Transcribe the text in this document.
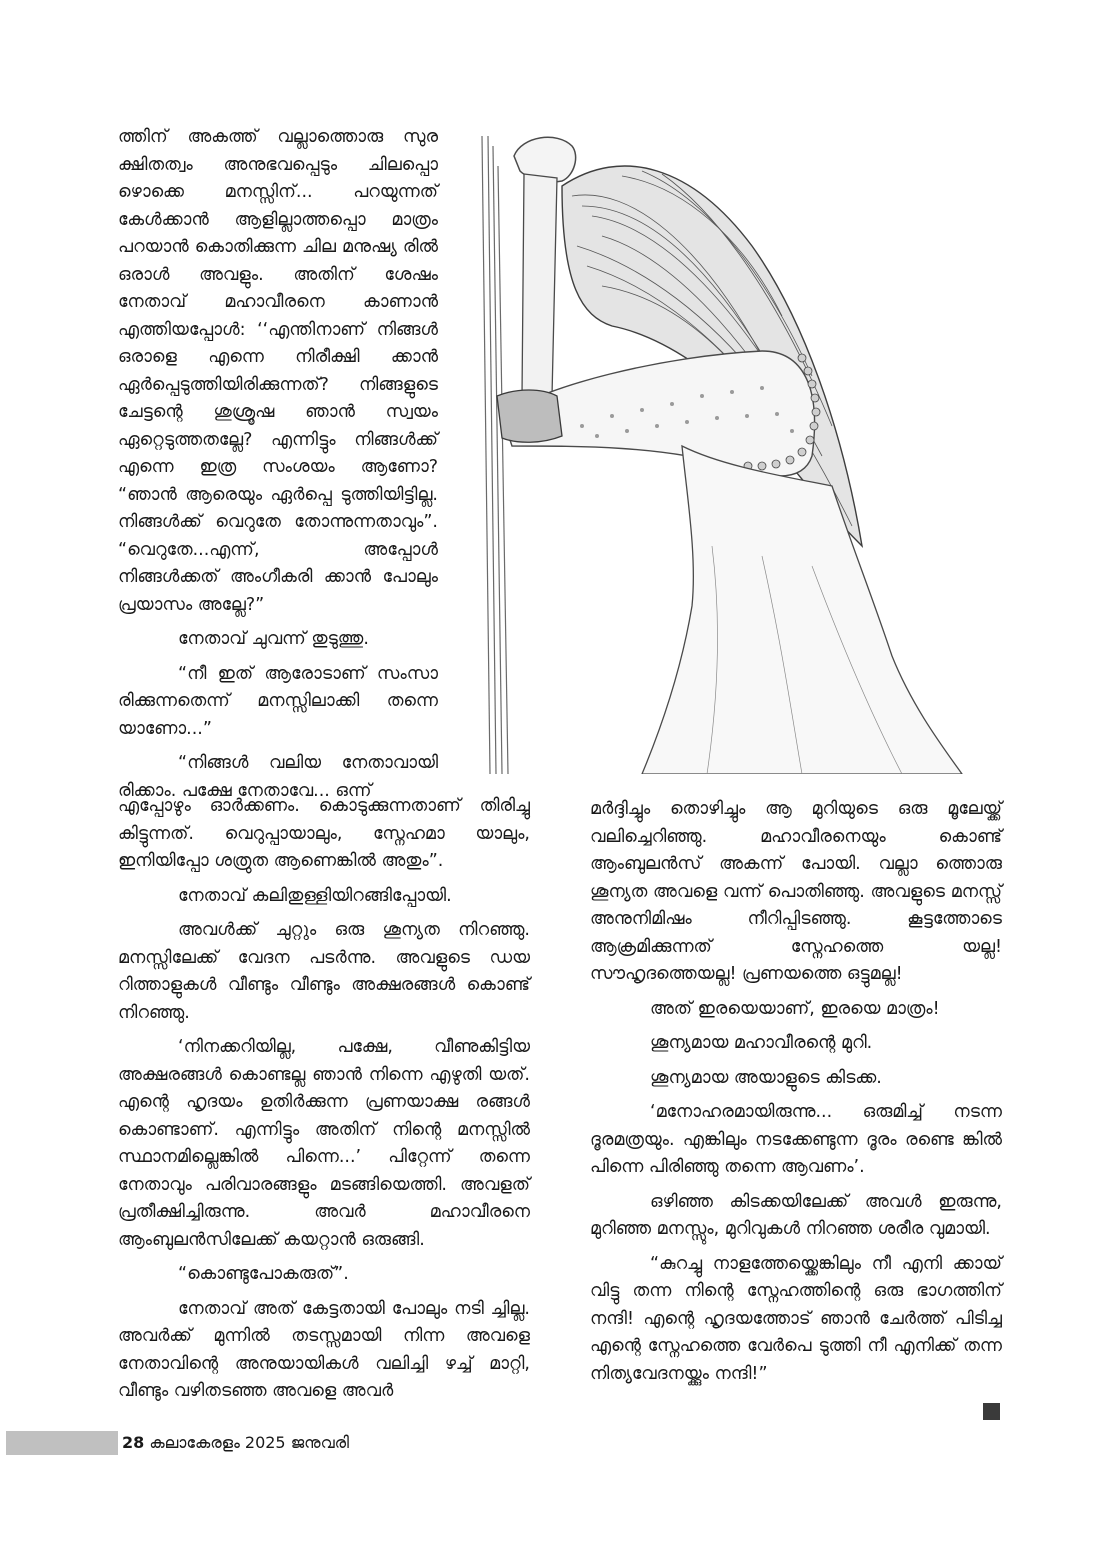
ത്തിന് അകത്ത് വല്ലാത്തൊരു സുര ക്ഷിതത്വം അനുഭവപ്പെടും ചിലപ്പൊ ഴൊക്കെ മനസ്സിന്... പറയുന്നത് കേൾക്കാൻ ആളില്ലാത്തപ്പൊ മാത്രം പറയാൻ കൊതിക്കുന്ന ചില മനുഷ്യ രിൽ ഒരാൾ അവളും. അതിന് ശേഷം നേതാവ് മഹാവീരനെ കാണാൻ എത്തിയപ്പോൾ: ‘‘എന്തിനാണ് നിങ്ങൾ ഒരാളെ എന്നെ നിരീക്ഷി ക്കാൻ ഏർപ്പെടുത്തിയിരിക്കുന്നത്? നിങ്ങളുടെ ചേട്ടന്റെ ശുശ്രൂഷ ഞാൻ സ്വയം ഏറ്റെടുത്തതല്ലേ? എന്നിട്ടും നിങ്ങൾക്ക് എന്നെ ഇത്ര സംശയം ആണോ? “ഞാൻ ആരെയും ഏർപ്പെ ടുത്തിയിട്ടില്ല. നിങ്ങൾക്ക് വെറുതേ തോന്നുന്നതാവും”. “വെറുതേ...എന്ന്, അപ്പോൾ നിങ്ങൾക്കത് അംഗീകരി ക്കാൻ പോലും പ്രയാസം അല്ലേ?”

നേതാവ് ചുവന്ന് തുടുത്തു.

“നീ ഇത് ആരോടാണ് സംസാ രിക്കുന്നതെന്ന് മനസ്സിലാക്കി തന്നെ യാണോ...”

“നിങ്ങൾ വലിയ നേതാവായി രിക്കാം. പക്ഷേ നേതാവേ... ഒന്ന്

എപ്പോഴും ഓർക്കണം. കൊടുക്കുന്നതാണ് തിരിച്ചു കിട്ടുന്നത്. വെറുപ്പായാലും, സ്നേഹമാ യാലും, ഇനിയിപ്പോ ശത്രുത ആണെങ്കിൽ അതും”.

നേതാവ് കലിതുള്ളിയിറങ്ങിപ്പോയി.

അവൾക്ക് ചുറ്റും ഒരു ശൂന്യത നിറഞ്ഞു. മനസ്സിലേക്ക് വേദന പടർന്നു. അവളുടെ ഡയ റിത്താളുകൾ വീണ്ടും വീണ്ടും അക്ഷരങ്ങൾ കൊണ്ട് നിറഞ്ഞു.

‘നിനക്കറിയില്ല, പക്ഷേ, വീണുകിട്ടിയ അക്ഷരങ്ങൾ കൊണ്ടല്ല ഞാൻ നിന്നെ എഴുതി യത്. എന്റെ ഹൃദയം ഉതിർക്കുന്ന പ്രണയാക്ഷ രങ്ങൾ കൊണ്ടാണ്. എന്നിട്ടും അതിന് നിന്റെ മനസ്സിൽ സ്ഥാനമില്ലെങ്കിൽ പിന്നെ...’ പിറ്റേന്ന് തന്നെ നേതാവും പരിവാരങ്ങളും മടങ്ങിയെത്തി. അവളത് പ്രതീക്ഷിച്ചിരുന്നു. അവർ മഹാവീരനെ ആംബുലൻസിലേക്ക് കയറ്റാൻ ഒരുങ്ങി.

“കൊണ്ടുപോകരുത്”.

നേതാവ് അത് കേട്ടതായി പോലും നടി ച്ചില്ല. അവർക്ക് മുന്നിൽ തടസ്സമായി നിന്ന അവളെ നേതാവിന്റെ അനുയായികൾ വലിച്ചി ഴച്ച് മാറ്റി, വീണ്ടും വഴിതടഞ്ഞ അവളെ അവർ

മർദ്ദിച്ചും തൊഴിച്ചും ആ മുറിയുടെ ഒരു മൂലേയ്ക്ക് വലിച്ചെറിഞ്ഞു. മഹാവീരനെയും കൊണ്ട് ആംബുലൻസ് അകന്ന് പോയി. വല്ലാ ത്തൊരു ശൂന്യത അവളെ വന്ന് പൊതിഞ്ഞു. അവളുടെ മനസ്സ് അനുനിമിഷം നീറിപ്പിടഞ്ഞു. കൂട്ടത്തോടെ ആക്രമിക്കുന്നത് സ്നേഹത്തെ യല്ല! സൗഹൃദത്തെയല്ല! പ്രണയത്തെ ഒട്ടുമല്ല!

അത് ഇരയെയാണ്, ഇരയെ മാത്രം!

ശൂന്യമായ മഹാവീരന്റെ മുറി.

ശൂന്യമായ അയാളുടെ കിടക്ക.

‘മനോഹരമായിരുന്നു... ഒരുമിച്ച് നടന്ന ദൂരമത്രയും. എങ്കിലും നടക്കേണ്ടുന്ന ദൂരം രണ്ടെ ങ്കിൽ പിന്നെ പിരിഞ്ഞു തന്നെ ആവണം’.

ഒഴിഞ്ഞ കിടക്കയിലേക്ക് അവൾ ഇരുന്നു, മുറിഞ്ഞ മനസ്സും, മുറിവുകൾ നിറഞ്ഞ ശരീര വുമായി.

“കുറച്ചു നാളത്തേയ്ക്കെങ്കിലും നീ എനി ക്കായ് വിട്ടു തന്ന നിന്റെ സ്നേഹത്തിന്റെ ഒരു ഭാഗത്തിന് നന്ദി! എന്റെ ഹൃദയത്തോട് ഞാൻ ചേർത്ത് പിടിച്ച എന്റെ സ്നേഹത്തെ വേർപെ ടുത്തി നീ എനിക്ക് തന്ന നിത്യവേദനയ്ക്കും നന്ദി!”

28 കലാകേരളം 2025 ജനുവരി
